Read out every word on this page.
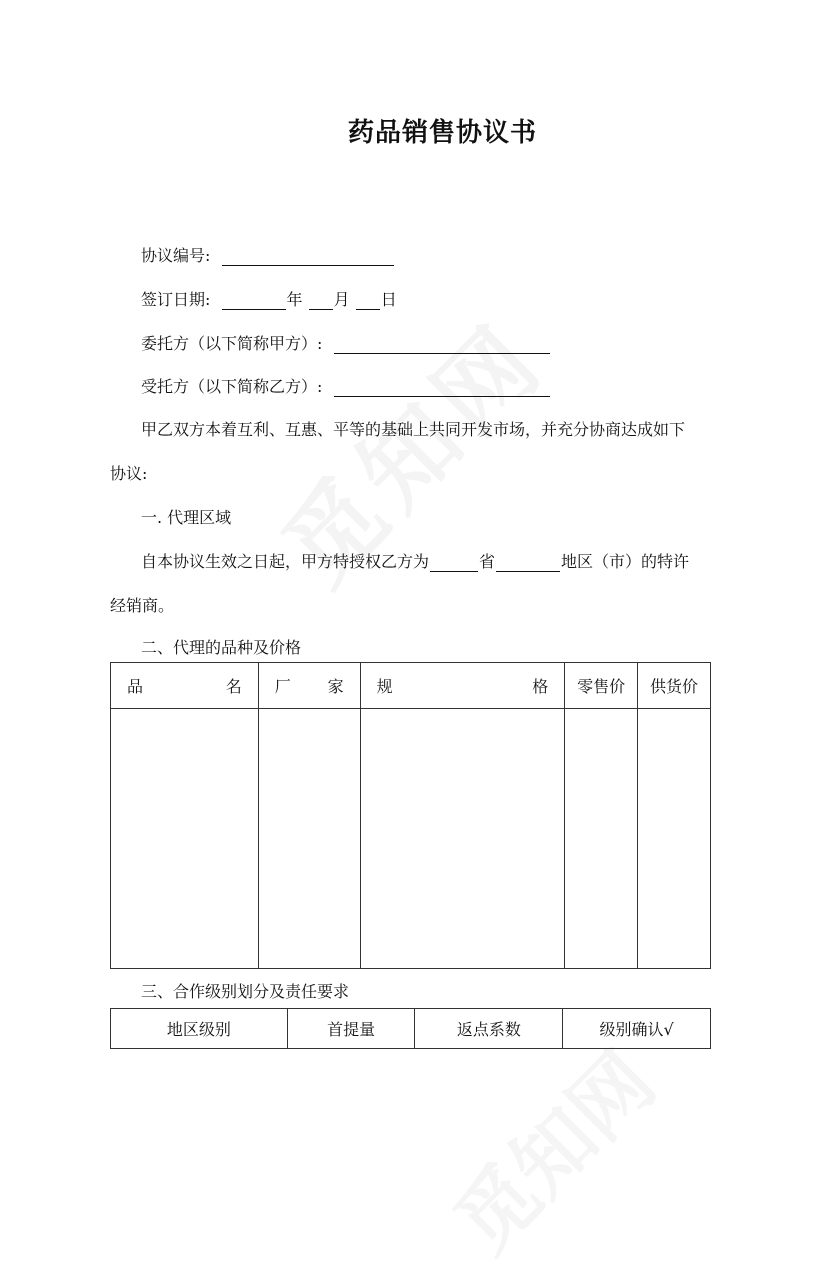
药品销售协议书
协议编号:
签订日期:	年 月 日
委托方（以下简称甲方）:
受托方（以下简称乙方）:
甲乙双方本着互利、互惠、平等的基础上共同开发市场，并充分协商达成如下
协议:
一. 代理区域
自本协议生效之日起，甲方特授权乙方为	省	地区（市）的特许
经销商。
二、代理的品种及价格
品 名	厂 家	规 格	零售价	供货价

三、合作级别划分及责任要求
地区级别	首提量	返点系数	级别确认√
